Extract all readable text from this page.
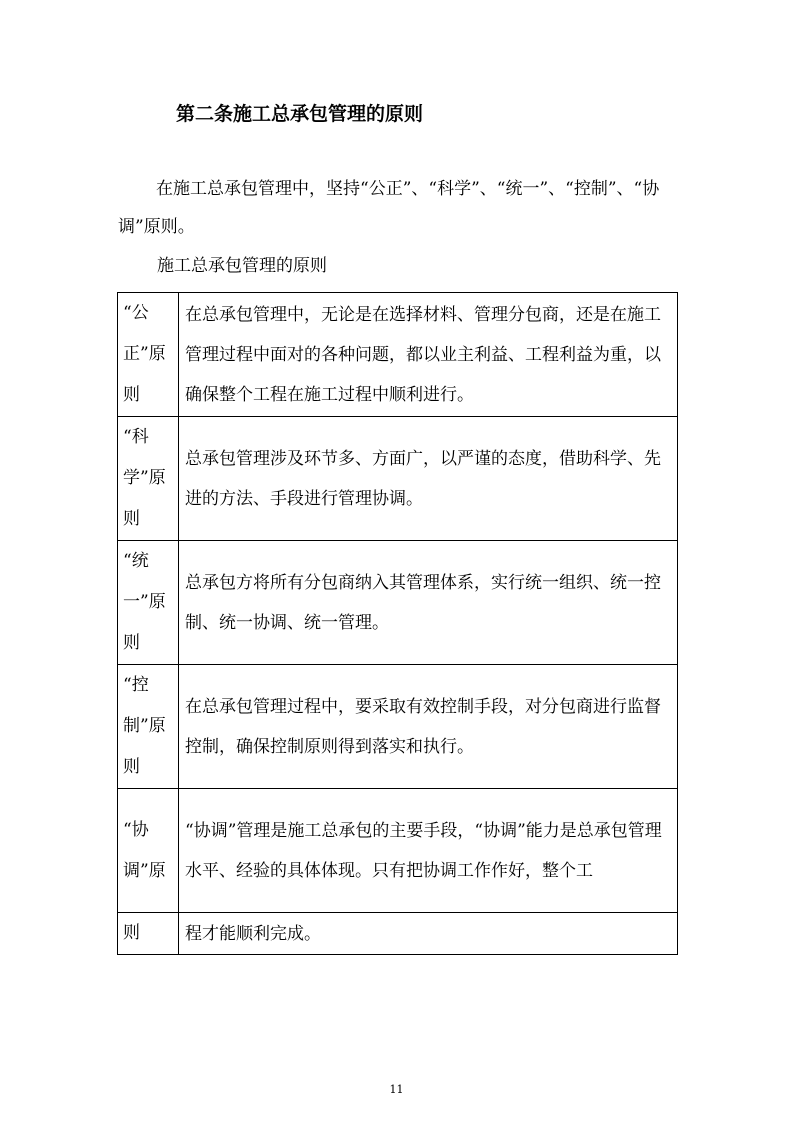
第二条施工总承包管理的原则
在施工总承包管理中，坚持“公正”、“科学”、“统一”、“控制”、“协调”原则。
施工总承包管理的原则
“公正”原则	在总承包管理中，无论是在选择材料、管理分包商，还是在施工管理过程中面对的各种问题，都以业主利益、工程利益为重，以确保整个工程在施工过程中顺利进行。
“科学”原则	总承包管理涉及环节多、方面广，以严谨的态度，借助科学、先进的方法、手段进行管理协调。
“统一”原则	总承包方将所有分包商纳入其管理体系，实行统一组织、统一控制、统一协调、统一管理。
“控制”原则	在总承包管理过程中，要采取有效控制手段，对分包商进行监督控制，确保控制原则得到落实和执行。
“协调”原	“协调”管理是施工总承包的主要手段，“协调”能力是总承包管理水平、经验的具体体现。只有把协调工作作好，整个工
则	程才能顺利完成。
11
